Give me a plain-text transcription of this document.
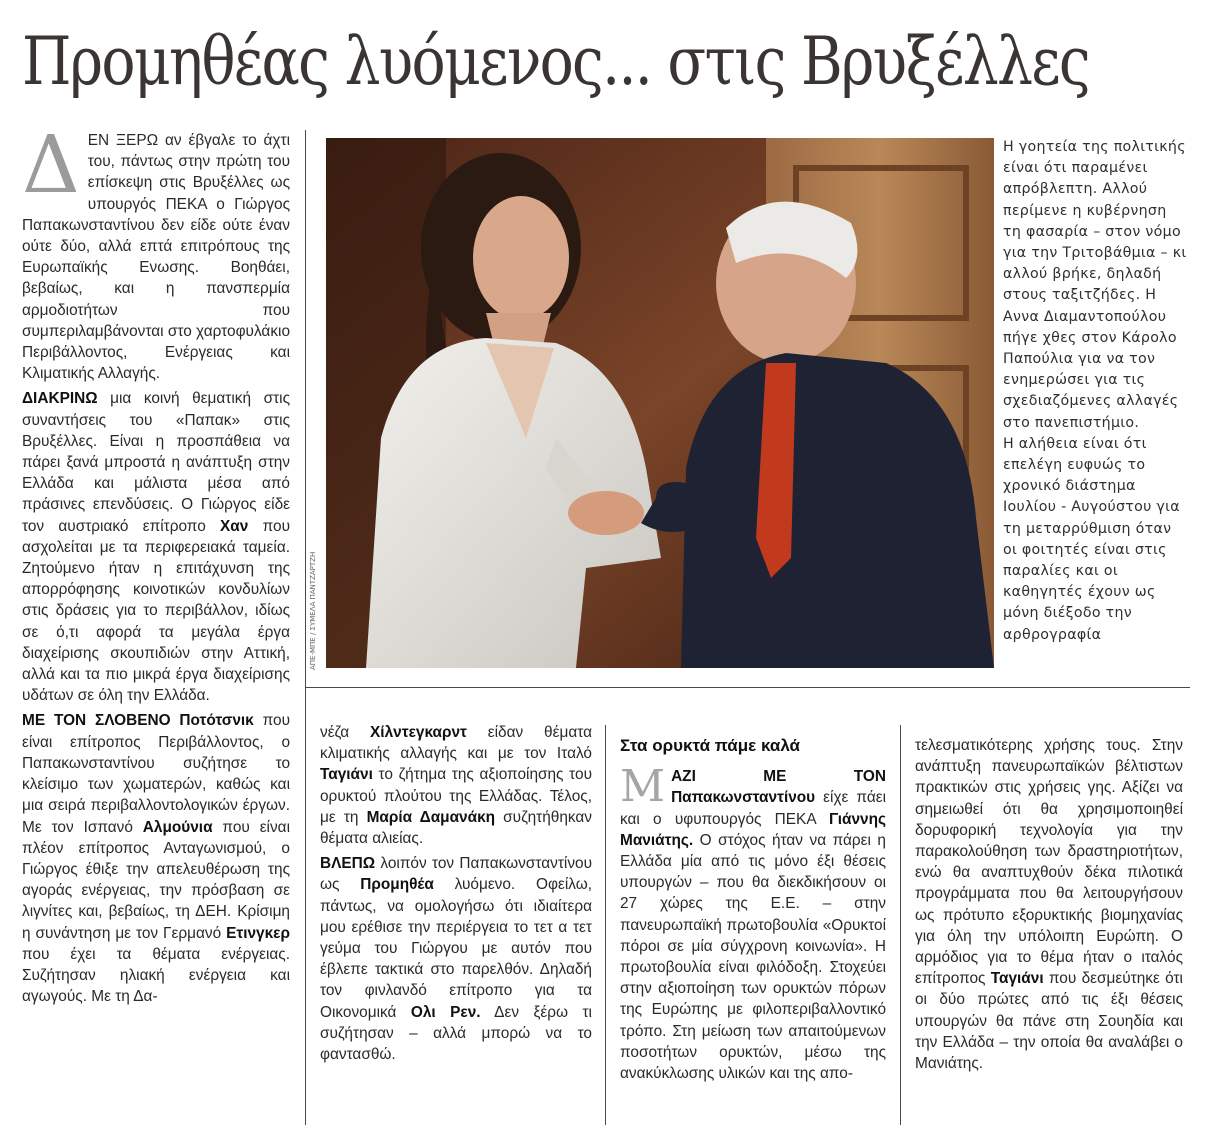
Προμηθέας λυόμενος... στις Βρυξέλλες

ΔΕΝ ΞΕΡΩ αν έβγαλε το άχτι του, πάντως στην πρώτη του επίσκεψη στις Βρυξέλλες ως υπουργός ΠΕΚΑ ο Γιώργος Παπακωνσταντίνου δεν είδε ούτε έναν ούτε δύο, αλλά επτά επιτρόπους της Ευρωπαϊκής Ενωσης. Βοηθάει, βεβαίως, και η πανσπερμία αρμοδιοτήτων που συμπεριλαμβάνονται στο χαρτοφυλάκιο Περιβάλλοντος, Ενέργειας και Κλιματικής Αλλαγής.

ΔΙΑΚΡΙΝΩ μια κοινή θεματική στις συναντήσεις του «Παπακ» στις Βρυξέλλες. Είναι η προσπάθεια να πάρει ξανά μπροστά η ανάπτυξη στην Ελλάδα και μάλιστα μέσα από πράσινες επενδύσεις. Ο Γιώργος είδε τον αυστριακό επίτροπο Χαν που ασχολείται με τα περιφερειακά ταμεία. Ζητούμενο ήταν η επιτάχυνση της απορρόφησης κοινοτικών κονδυλίων στις δράσεις για το περιβάλλον, ιδίως σε ό,τι αφορά τα μεγάλα έργα διαχείρισης σκουπιδιών στην Αττική, αλλά και τα πιο μικρά έργα διαχείρισης υδάτων σε όλη την Ελλάδα.

ΜΕ ΤΟΝ ΣΛΟΒΕΝΟ Ποτότσνικ που είναι επίτροπος Περιβάλλοντος, ο Παπακωνσταντίνου συζήτησε το κλείσιμο των χωματερών, καθώς και μια σειρά περιβαλλοντολογικών έργων. Με τον Ισπανό Αλμούνια που είναι πλέον επίτροπος Ανταγωνισμού, ο Γιώργος έθιξε την απελευθέρωση της αγοράς ενέργειας, την πρόσβαση σε λιγνίτες και, βεβαίως, τη ΔΕΗ. Κρίσιμη η συνάντηση με τον Γερμανό Ετινγκερ που έχει τα θέματα ενέργειας. Συζήτησαν ηλιακή ενέργεια και αγωγούς. Με τη Δα-

ΑΠΕ-ΜΠΕ / ΣΥΜΕΛΑ ΠΑΝΤΖΑΡΤΖΗ

Η γοητεία της πολιτικής είναι ότι παραμένει απρόβλεπτη. Αλλού περίμενε η κυβέρνηση τη φασαρία – στον νόμο για την Τριτοβάθμια – κι αλλού βρήκε, δηλαδή στους ταξιτζήδες. Η Αννα Διαμαντοπούλου πήγε χθες στον Κάρολο Παπούλια για να τον ενημερώσει για τις σχεδιαζόμενες αλλαγές στο πανεπιστήμιο.

Η αλήθεια είναι ότι επελέγη ευφυώς το χρονικό διάστημα Ιουλίου - Αυγούστου για τη μεταρρύθμιση όταν οι φοιτητές είναι στις παραλίες και οι καθηγητές έχουν ως μόνη διέξοδο την αρθρογραφία

νέζα Χίλντεγκαρντ είδαν θέματα κλιματικής αλλαγής και με τον Ιταλό Ταγιάνι το ζήτημα της αξιοποίησης του ορυκτού πλούτου της Ελλάδας. Τέλος, με τη Μαρία Δαμανάκη συζητήθηκαν θέματα αλιείας.

ΒΛΕΠΩ λοιπόν τον Παπακωνσταντίνου ως Προμηθέα λυόμενο. Οφείλω, πάντως, να ομολογήσω ότι ιδιαίτερα μου ερέθισε την περιέργεια το τετ α τετ γεύμα του Γιώργου με αυτόν που έβλεπε τακτικά στο παρελθόν. Δηλαδή τον φινλανδό επίτροπο για τα Οικονομικά Ολι Ρεν. Δεν ξέρω τι συζήτησαν – αλλά μπορώ να το φαντασθώ.

Στα ορυκτά πάμε καλά

ΜΑΖΙ ΜΕ ΤΟΝ Παπακωνσταντίνου είχε πάει και ο υφυπουργός ΠΕΚΑ Γιάννης Μανιάτης. Ο στόχος ήταν να πάρει η Ελλάδα μία από τις μόνο έξι θέσεις υπουργών – που θα διεκδικήσουν οι 27 χώρες της Ε.Ε. – στην πανευρωπαϊκή πρωτοβουλία «Ορυκτοί πόροι σε μία σύγχρονη κοινωνία». Η πρωτοβουλία είναι φιλόδοξη. Στοχεύει στην αξιοποίηση των ορυκτών πόρων της Ευρώπης με φιλοπεριβαλλοντικό τρόπο. Στη μείωση των απαιτούμενων ποσοτήτων ορυκτών, μέσω της ανακύκλωσης υλικών και της απο-

τελεσματικότερης χρήσης τους. Στην ανάπτυξη πανευρωπαϊκών βέλτιστων πρακτικών στις χρήσεις γης. Αξίζει να σημειωθεί ότι θα χρησιμοποιηθεί δορυφορική τεχνολογία για την παρακολούθηση των δραστηριοτήτων, ενώ θα αναπτυχθούν δέκα πιλοτικά προγράμματα που θα λειτουργήσουν ως πρότυπο εξορυκτικής βιομηχανίας για όλη την υπόλοιπη Ευρώπη. Ο αρμόδιος για το θέμα ήταν ο ιταλός επίτροπος Ταγιάνι που δεσμεύτηκε ότι οι δύο πρώτες από τις έξι θέσεις υπουργών θα πάνε στη Σουηδία και την Ελλάδα – την οποία θα αναλάβει ο Μανιάτης.
